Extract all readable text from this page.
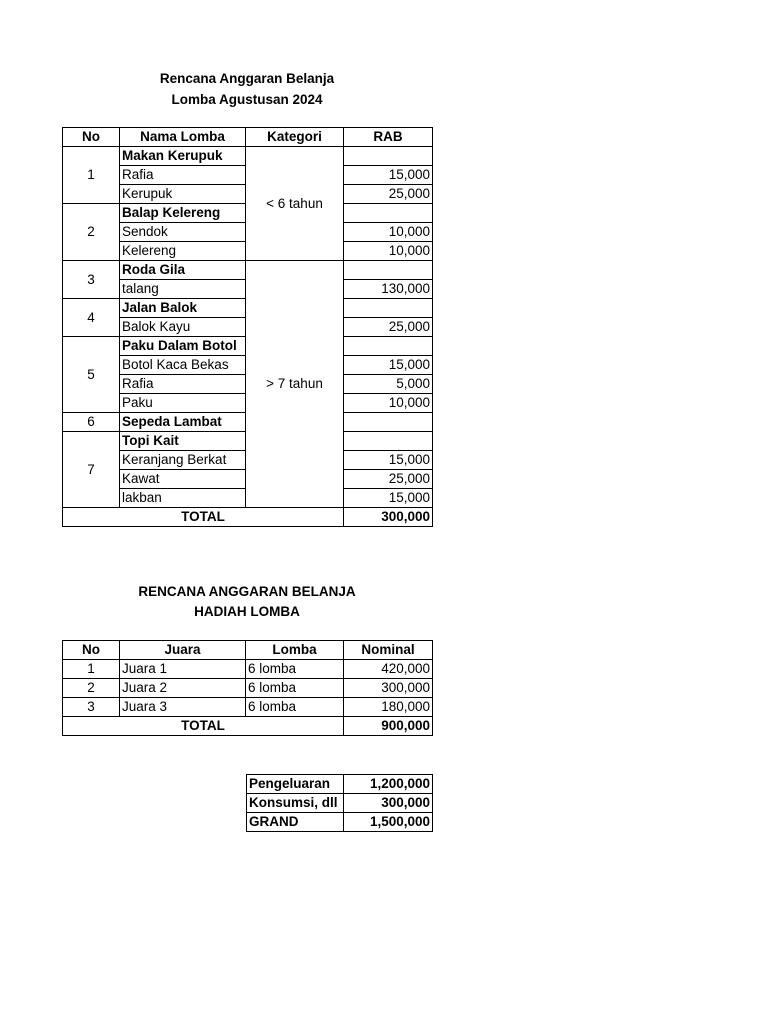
Rencana Anggaran Belanja
Lomba Agustusan 2024
No	Nama Lomba	Kategori	RAB
1	Makan Kerupuk	< 6 tahun	
	Rafia		15,000
	Kerupuk		25,000
2	Balap Kelereng		
	Sendok		10,000
	Kelereng		10,000
3	Roda Gila	> 7 tahun	
	talang		130,000
4	Jalan Balok		
	Balok Kayu		25,000
5	Paku Dalam Botol		
	Botol Kaca Bekas		15,000
	Rafia		5,000
	Paku		10,000
6	Sepeda Lambat		
7	Topi Kait		
	Keranjang Berkat		15,000
	Kawat		25,000
	lakban		15,000
TOTAL			300,000
RENCANA ANGGARAN BELANJA
HADIAH LOMBA
No	Juara	Lomba	Nominal
1	Juara 1	6 lomba	420,000
2	Juara 2	6 lomba	300,000
3	Juara 3	6 lomba	180,000
TOTAL			900,000
Pengeluaran	1,200,000
Konsumsi, dll	300,000
GRAND	1,500,000
